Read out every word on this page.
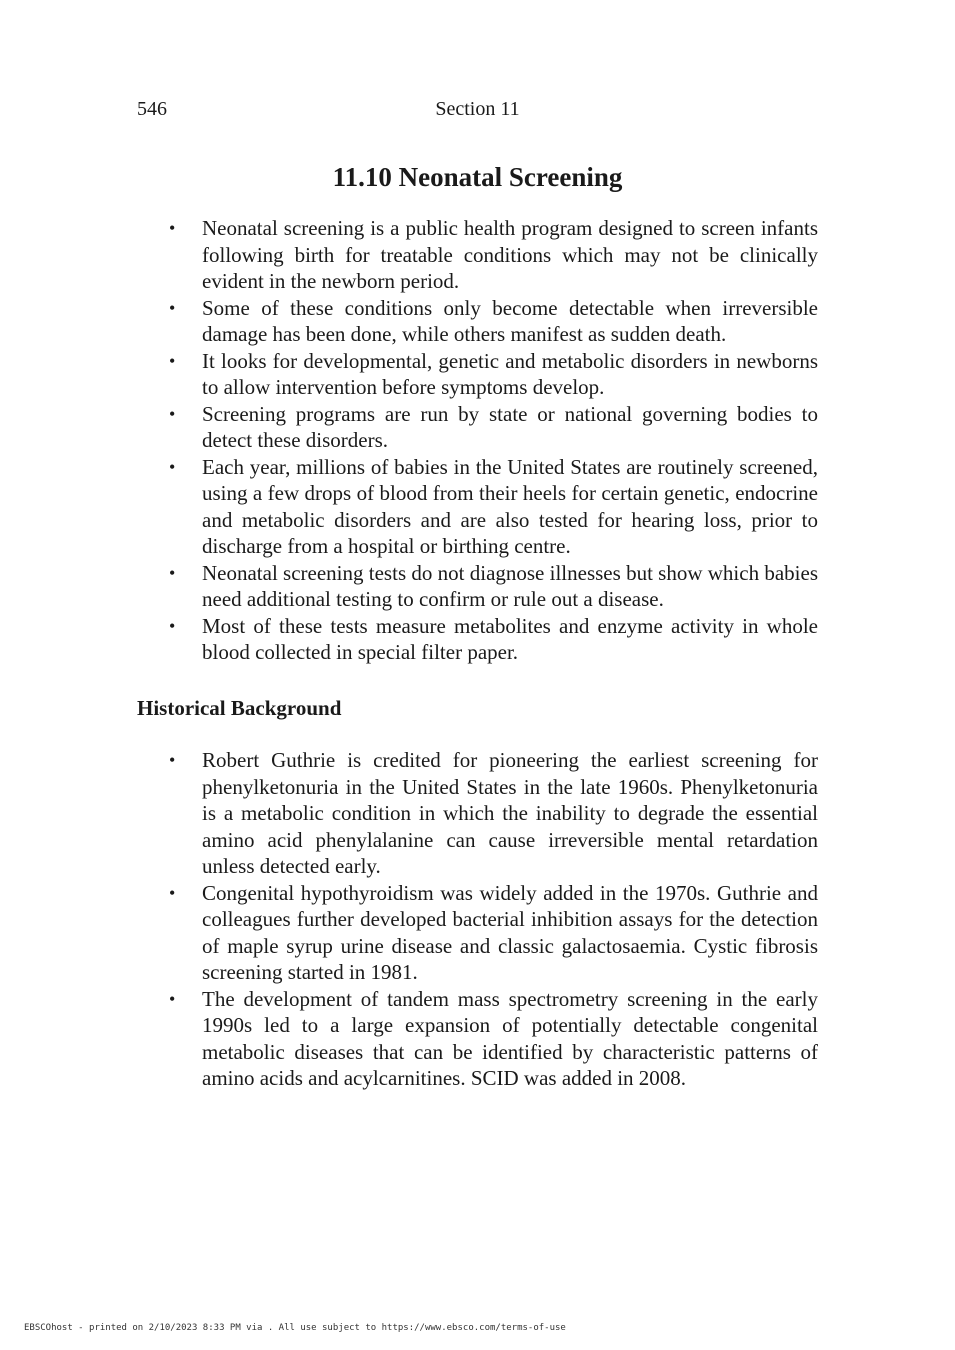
546	Section 11
11.10 Neonatal Screening
• Neonatal screening is a public health program designed to screen infants following birth for treatable conditions which may not be clinically evident in the newborn period.
• Some of these conditions only become detectable when irreversible damage has been done, while others manifest as sudden death.
• It looks for developmental, genetic and metabolic disorders in newborns to allow intervention before symptoms develop.
• Screening programs are run by state or national governing bodies to detect these disorders.
• Each year, millions of babies in the United States are routinely screened, using a few drops of blood from their heels for certain genetic, endocrine and metabolic disorders and are also tested for hearing loss, prior to discharge from a hospital or birthing centre.
• Neonatal screening tests do not diagnose illnesses but show which babies need additional testing to confirm or rule out a disease.
• Most of these tests measure metabolites and enzyme activity in whole blood collected in special filter paper.
Historical Background
• Robert Guthrie is credited for pioneering the earliest screening for phenylketonuria in the United States in the late 1960s. Phenylketonuria is a metabolic condition in which the inability to degrade the essential amino acid phenylalanine can cause irreversible mental retardation unless detected early.
• Congenital hypothyroidism was widely added in the 1970s. Guthrie and colleagues further developed bacterial inhibition assays for the detection of maple syrup urine disease and classic galactosaemia. Cystic fibrosis screening started in 1981.
• The development of tandem mass spectrometry screening in the early 1990s led to a large expansion of potentially detectable congenital metabolic diseases that can be identified by characteristic patterns of amino acids and acylcarnitines. SCID was added in 2008.
EBSCOhost - printed on 2/10/2023 8:33 PM via . All use subject to https://www.ebsco.com/terms-of-use
